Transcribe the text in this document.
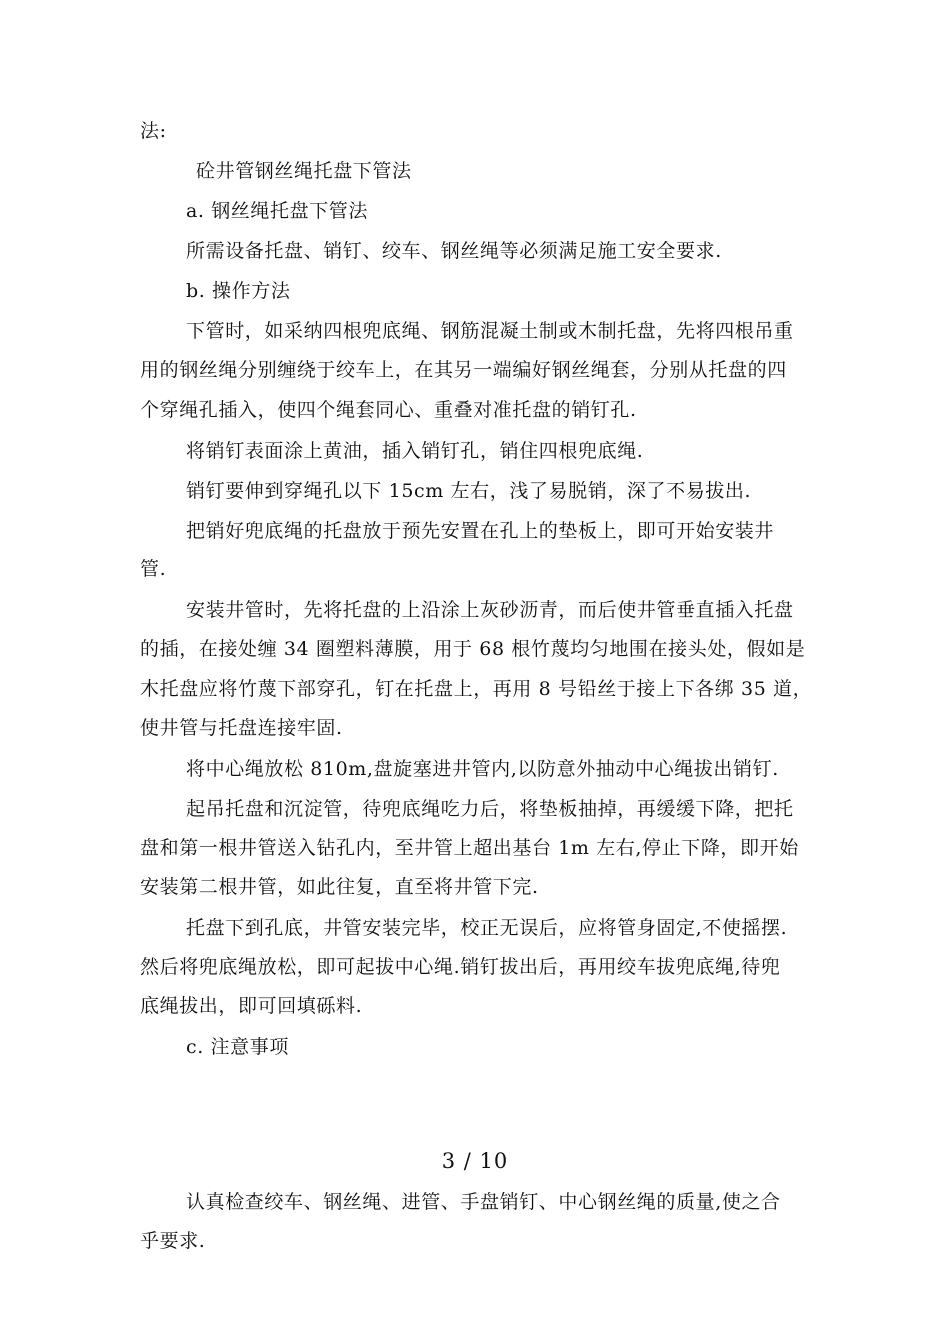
法:
砼井管钢丝绳托盘下管法
a. 钢丝绳托盘下管法
所需设备托盘、销钉、绞车、钢丝绳等必须满足施工安全要求.
b. 操作方法
下管时，如采纳四根兜底绳、钢筋混凝土制或木制托盘，先将四根吊重
用的钢丝绳分别缠绕于绞车上，在其另一端编好钢丝绳套，分别从托盘的四
个穿绳孔插入，使四个绳套同心、重叠对准托盘的销钉孔.
将销钉表面涂上黄油，插入销钉孔，销住四根兜底绳.
销钉要伸到穿绳孔以下 15cm 左右，浅了易脱销，深了不易拔出.
把销好兜底绳的托盘放于预先安置在孔上的垫板上，即可开始安装井
管.
安装井管时，先将托盘的上沿涂上灰砂沥青，而后使井管垂直插入托盘
的插，在接处缠 34 圈塑料薄膜，用于 68 根竹蔑均匀地围在接头处，假如是
木托盘应将竹蔑下部穿孔，钉在托盘上，再用 8 号铅丝于接上下各绑 35 道，
使井管与托盘连接牢固.
将中心绳放松 810m,盘旋塞进井管内,以防意外抽动中心绳拔出销钉.
起吊托盘和沉淀管，待兜底绳吃力后，将垫板抽掉，再缓缓下降，把托
盘和第一根井管送入钻孔内，至井管上超出基台 1m 左右,停止下降，即开始
安装第二根井管，如此往复，直至将井管下完.
托盘下到孔底，井管安装完毕，校正无误后，应将管身固定,不使摇摆.
然后将兜底绳放松，即可起拔中心绳.销钉拔出后，再用绞车拔兜底绳,待兜
底绳拔出，即可回填砾料.
c. 注意事项
3 / 10
认真检查绞车、钢丝绳、进管、手盘销钉、中心钢丝绳的质量,使之合
乎要求.
